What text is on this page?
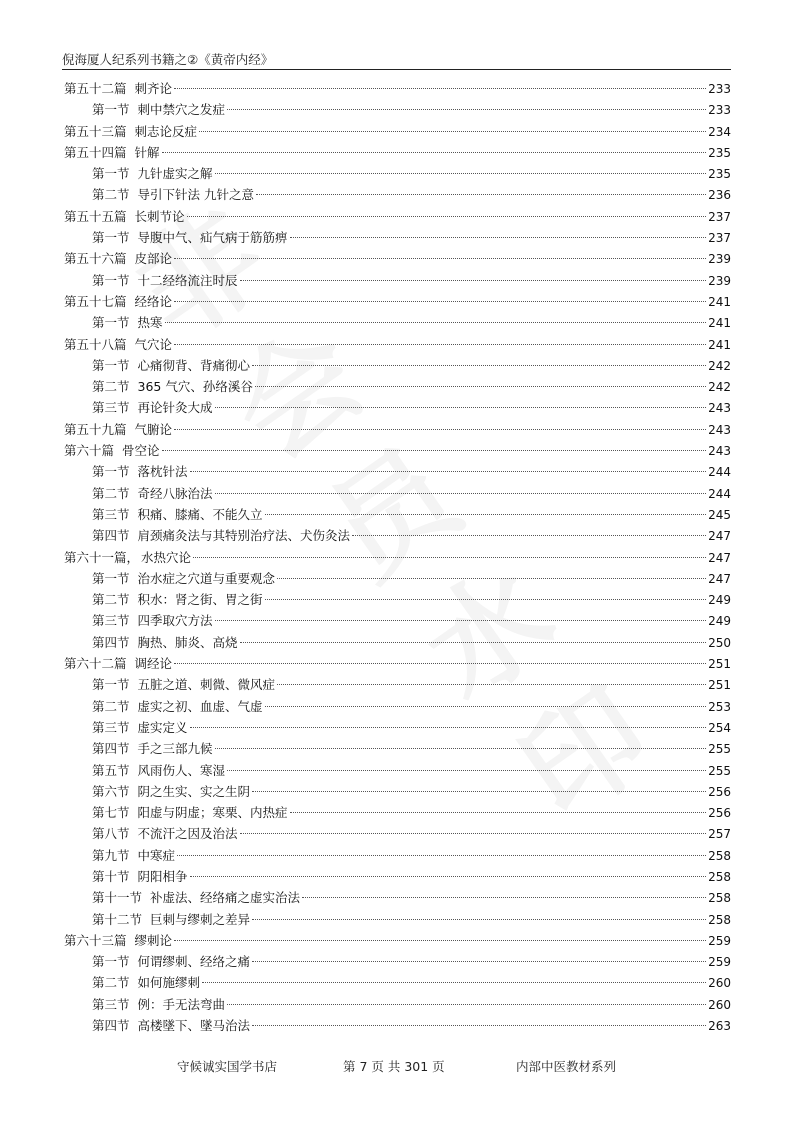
倪海厦人纪系列书籍之②《黄帝内经》
第五十二篇 刺齐论	233
第一节 刺中禁穴之发症	233
第五十三篇 刺志论反症	234
第五十四篇 针解	235
第一节 九针虚实之解	235
第二节 导引下针法 九针之意	236
第五十五篇 长刺节论	237
第一节 导腹中气、疝气病于筋筋痹	237
第五十六篇 皮部论	239
第一节 十二经络流注时辰	239
第五十七篇 经络论	241
第一节 热寒	241
第五十八篇 气穴论	241
第一节 心痛彻背、背痛彻心	242
第二节 365 气穴、孙络溪谷	242
第三节 再论针灸大成	243
第五十九篇 气腑论	243
第六十篇 骨空论	243
第一节 落枕针法	244
第二节 奇经八脉治法	244
第三节 积痛、膝痛、不能久立	245
第四节 肩颈痛灸法与其特别治疗法、犬伤灸法	247
第六十一篇， 水热穴论	247
第一节 治水症之穴道与重要观念	247
第二节 积水：肾之街、胃之街	249
第三节 四季取穴方法	249
第四节 胸热、肺炎、高烧	250
第六十二篇 调经论	251
第一节 五脏之道、刺微、微风症	251
第二节 虚实之初、血虚、气虚	253
第三节 虚实定义	254
第四节 手之三部九候	255
第五节 风雨伤人、寒湿	255
第六节 阴之生实、实之生阴	256
第七节 阳虚与阴虚；寒栗、内热症	256
第八节 不流汗之因及治法	257
第九节 中寒症	258
第十节 阴阳相争	258
第十一节 补虚法、经络痛之虚实治法	258
第十二节 巨刺与缪刺之差异	258
第六十三篇 缪刺论	259
第一节 何谓缪刺、经络之痛	259
第二节 如何施缪刺	260
第三节 例：手无法弯曲	260
第四节 高楼墜下、墜马治法	263
守候诚实国学书店	第 7 页 共 301 页	内部中医教材系列
